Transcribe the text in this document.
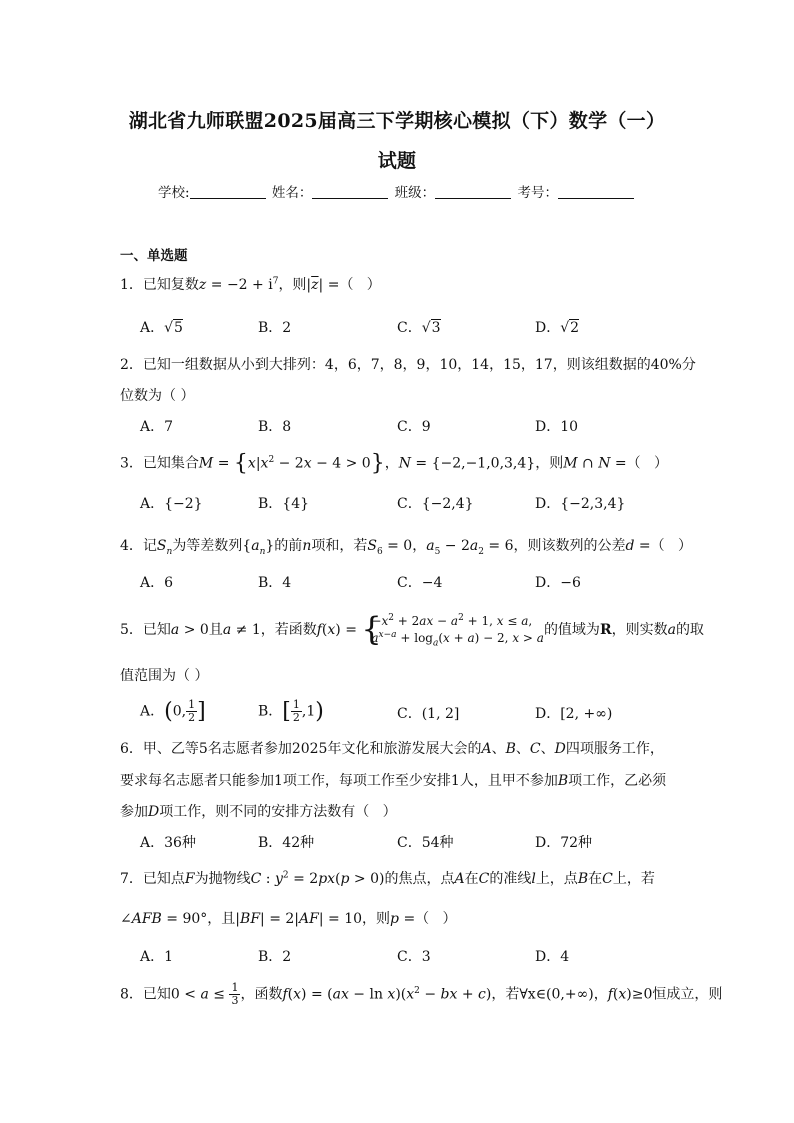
湖北省九师联盟2025届高三下学期核心模拟（下）数学（一）
试题
学校:	姓名：	班级：	考号：
一、单选题
1．已知复数$z = -2 + i^7$，则$|\overline{z}|$ =（   ）
A．√5	B．2	C．√3	D．√2
2．已知一组数据从小到大排列：4，6，7，8，9，10，14，15，17，则该组数据的40%分
位数为（ ）
A．7	B．8	C．9	D．10
3．已知集合$M = \{x|x^2 - 2x - 4 > 0\}$，N = {−2,−1,0,3,4}，则M ∩ N =（   ）
A．{−2}	B．{4}	C．{−2,4}	D．{−2,3,4}
4．记$S_n$为等差数列$\{a_n\}$的前n项和，若$S_6 = 0$，$a_5 - 2a_2 = 6$，则该数列的公差d =（   ）
A．6	B．4	C．−4	D．−6
5．已知a > 0且a ≠ 1，若函数f(x) = { $-x^2 + 2ax - a^2 + 1$, x ≤ a,
$a^{x-a} + \log_a(x + a) - 2$, x > a的值域为R，则实数a的取
值范围为（ ）
A．(0, $\frac{1}{2}$ ]	B．[ $\frac{1}{2} ,1$)	C．(1, 2]	D．[2, +∞)
6．甲、乙等5名志愿者参加2025年文化和旅游发展大会的A、B、C、D四项服务工作，
要求每名志愿者只能参加1项工作，每项工作至少安排1人，且甲不参加B项工作，乙必须
参加D项工作，则不同的安排方法数有（   ）
A．36种	B．42种	C．54种	D．72种
7．已知点F为抛物线C : $y^2 = 2px(p > 0)$的焦点，点A在C的准线l上，点B在C上，若
∠AFB = 90°，且|BF| = 2|AF| = 10，则p =（   ）
A．1	B．2	C．3	D．4
8．已知$0 < a \le \frac{1}{3}$ ，函数$f(x) = (ax - \ln x)(x^2$ − bx + c)，若∀x∈(0,+∞)，f(x)≥0恒成立，则
